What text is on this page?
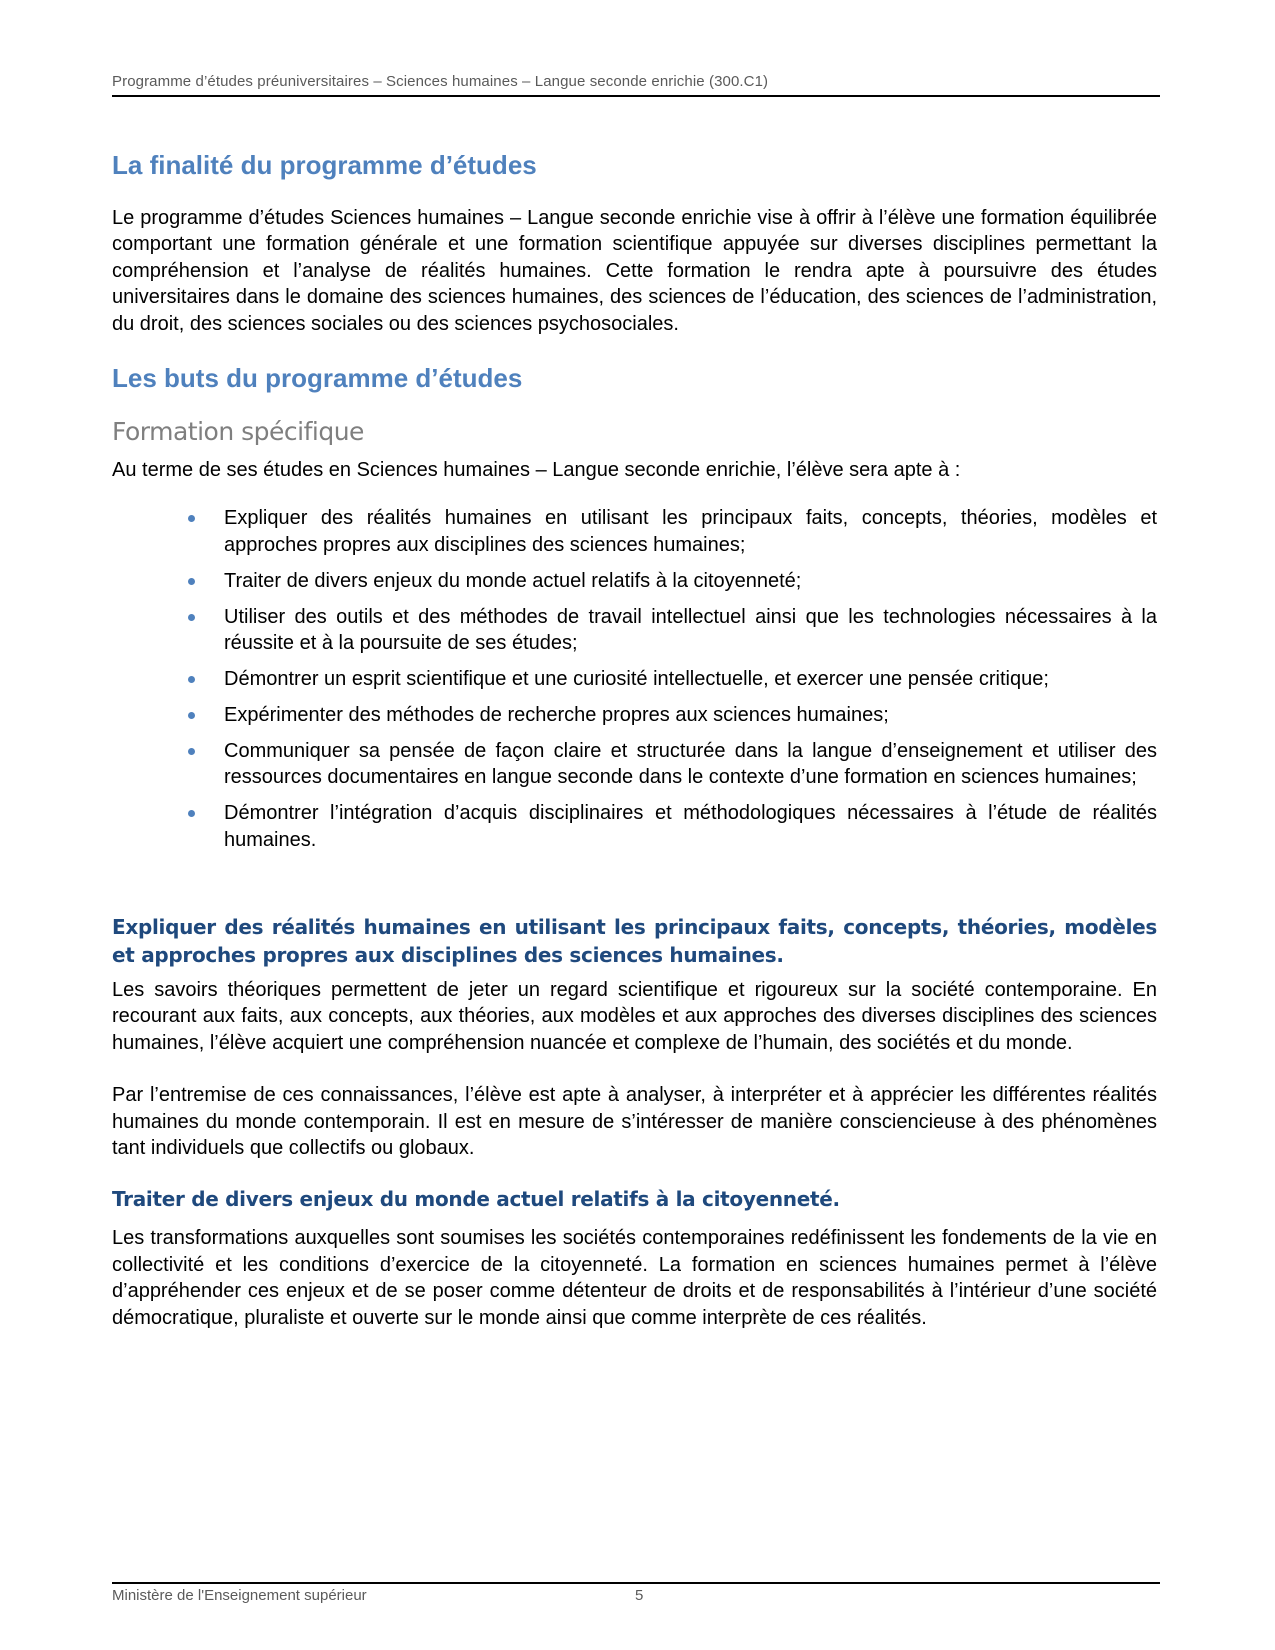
Programme d’études préuniversitaires – Sciences humaines – Langue seconde enrichie (300.C1)
La finalité du programme d’études

Le programme d’études Sciences humaines – Langue seconde enrichie vise à offrir à l’élève une formation équilibrée comportant une formation générale et une formation scientifique appuyée sur diverses disciplines permettant la compréhension et l’analyse de réalités humaines. Cette formation le rendra apte à poursuivre des études universitaires dans le domaine des sciences humaines, des sciences de l’éducation, des sciences de l’administration, du droit, des sciences sociales ou des sciences psychosociales.

Les buts du programme d’études
Formation spécifique

Au terme de ses études en Sciences humaines – Langue seconde enrichie, l’élève sera apte à :

Expliquer des réalités humaines en utilisant les principaux faits, concepts, théories, modèles et approches propres aux disciplines des sciences humaines;
Traiter de divers enjeux du monde actuel relatifs à la citoyenneté;
Utiliser des outils et des méthodes de travail intellectuel ainsi que les technologies nécessaires à la réussite et à la poursuite de ses études;
Démontrer un esprit scientifique et une curiosité intellectuelle, et exercer une pensée critique;
Expérimenter des méthodes de recherche propres aux sciences humaines;
Communiquer sa pensée de façon claire et structurée dans la langue d’enseignement et utiliser des ressources documentaires en langue seconde dans le contexte d’une formation en sciences humaines;
Démontrer l’intégration d’acquis disciplinaires et méthodologiques nécessaires à l’étude de réalités humaines.
Expliquer des réalités humaines en utilisant les principaux faits, concepts, théories, modèles et approches propres aux disciplines des sciences humaines.

Les savoirs théoriques permettent de jeter un regard scientifique et rigoureux sur la société contemporaine. En recourant aux faits, aux concepts, aux théories, aux modèles et aux approches des diverses disciplines des sciences humaines, l’élève acquiert une compréhension nuancée et complexe de l’humain, des sociétés et du monde.

Par l’entremise de ces connaissances, l’élève est apte à analyser, à interpréter et à apprécier les différentes réalités humaines du monde contemporain. Il est en mesure de s’intéresser de manière consciencieuse à des phénomènes tant individuels que collectifs ou globaux.

Traiter de divers enjeux du monde actuel relatifs à la citoyenneté.

Les transformations auxquelles sont soumises les sociétés contemporaines redéfinissent les fondements de la vie en collectivité et les conditions d’exercice de la citoyenneté. La formation en sciences humaines permet à l’élève d’appréhender ces enjeux et de se poser comme détenteur de droits et de responsabilités à l’intérieur d’une société démocratique, pluraliste et ouverte sur le monde ainsi que comme interprète de ces réalités.

Ministère de l'Enseignement supérieur	5
